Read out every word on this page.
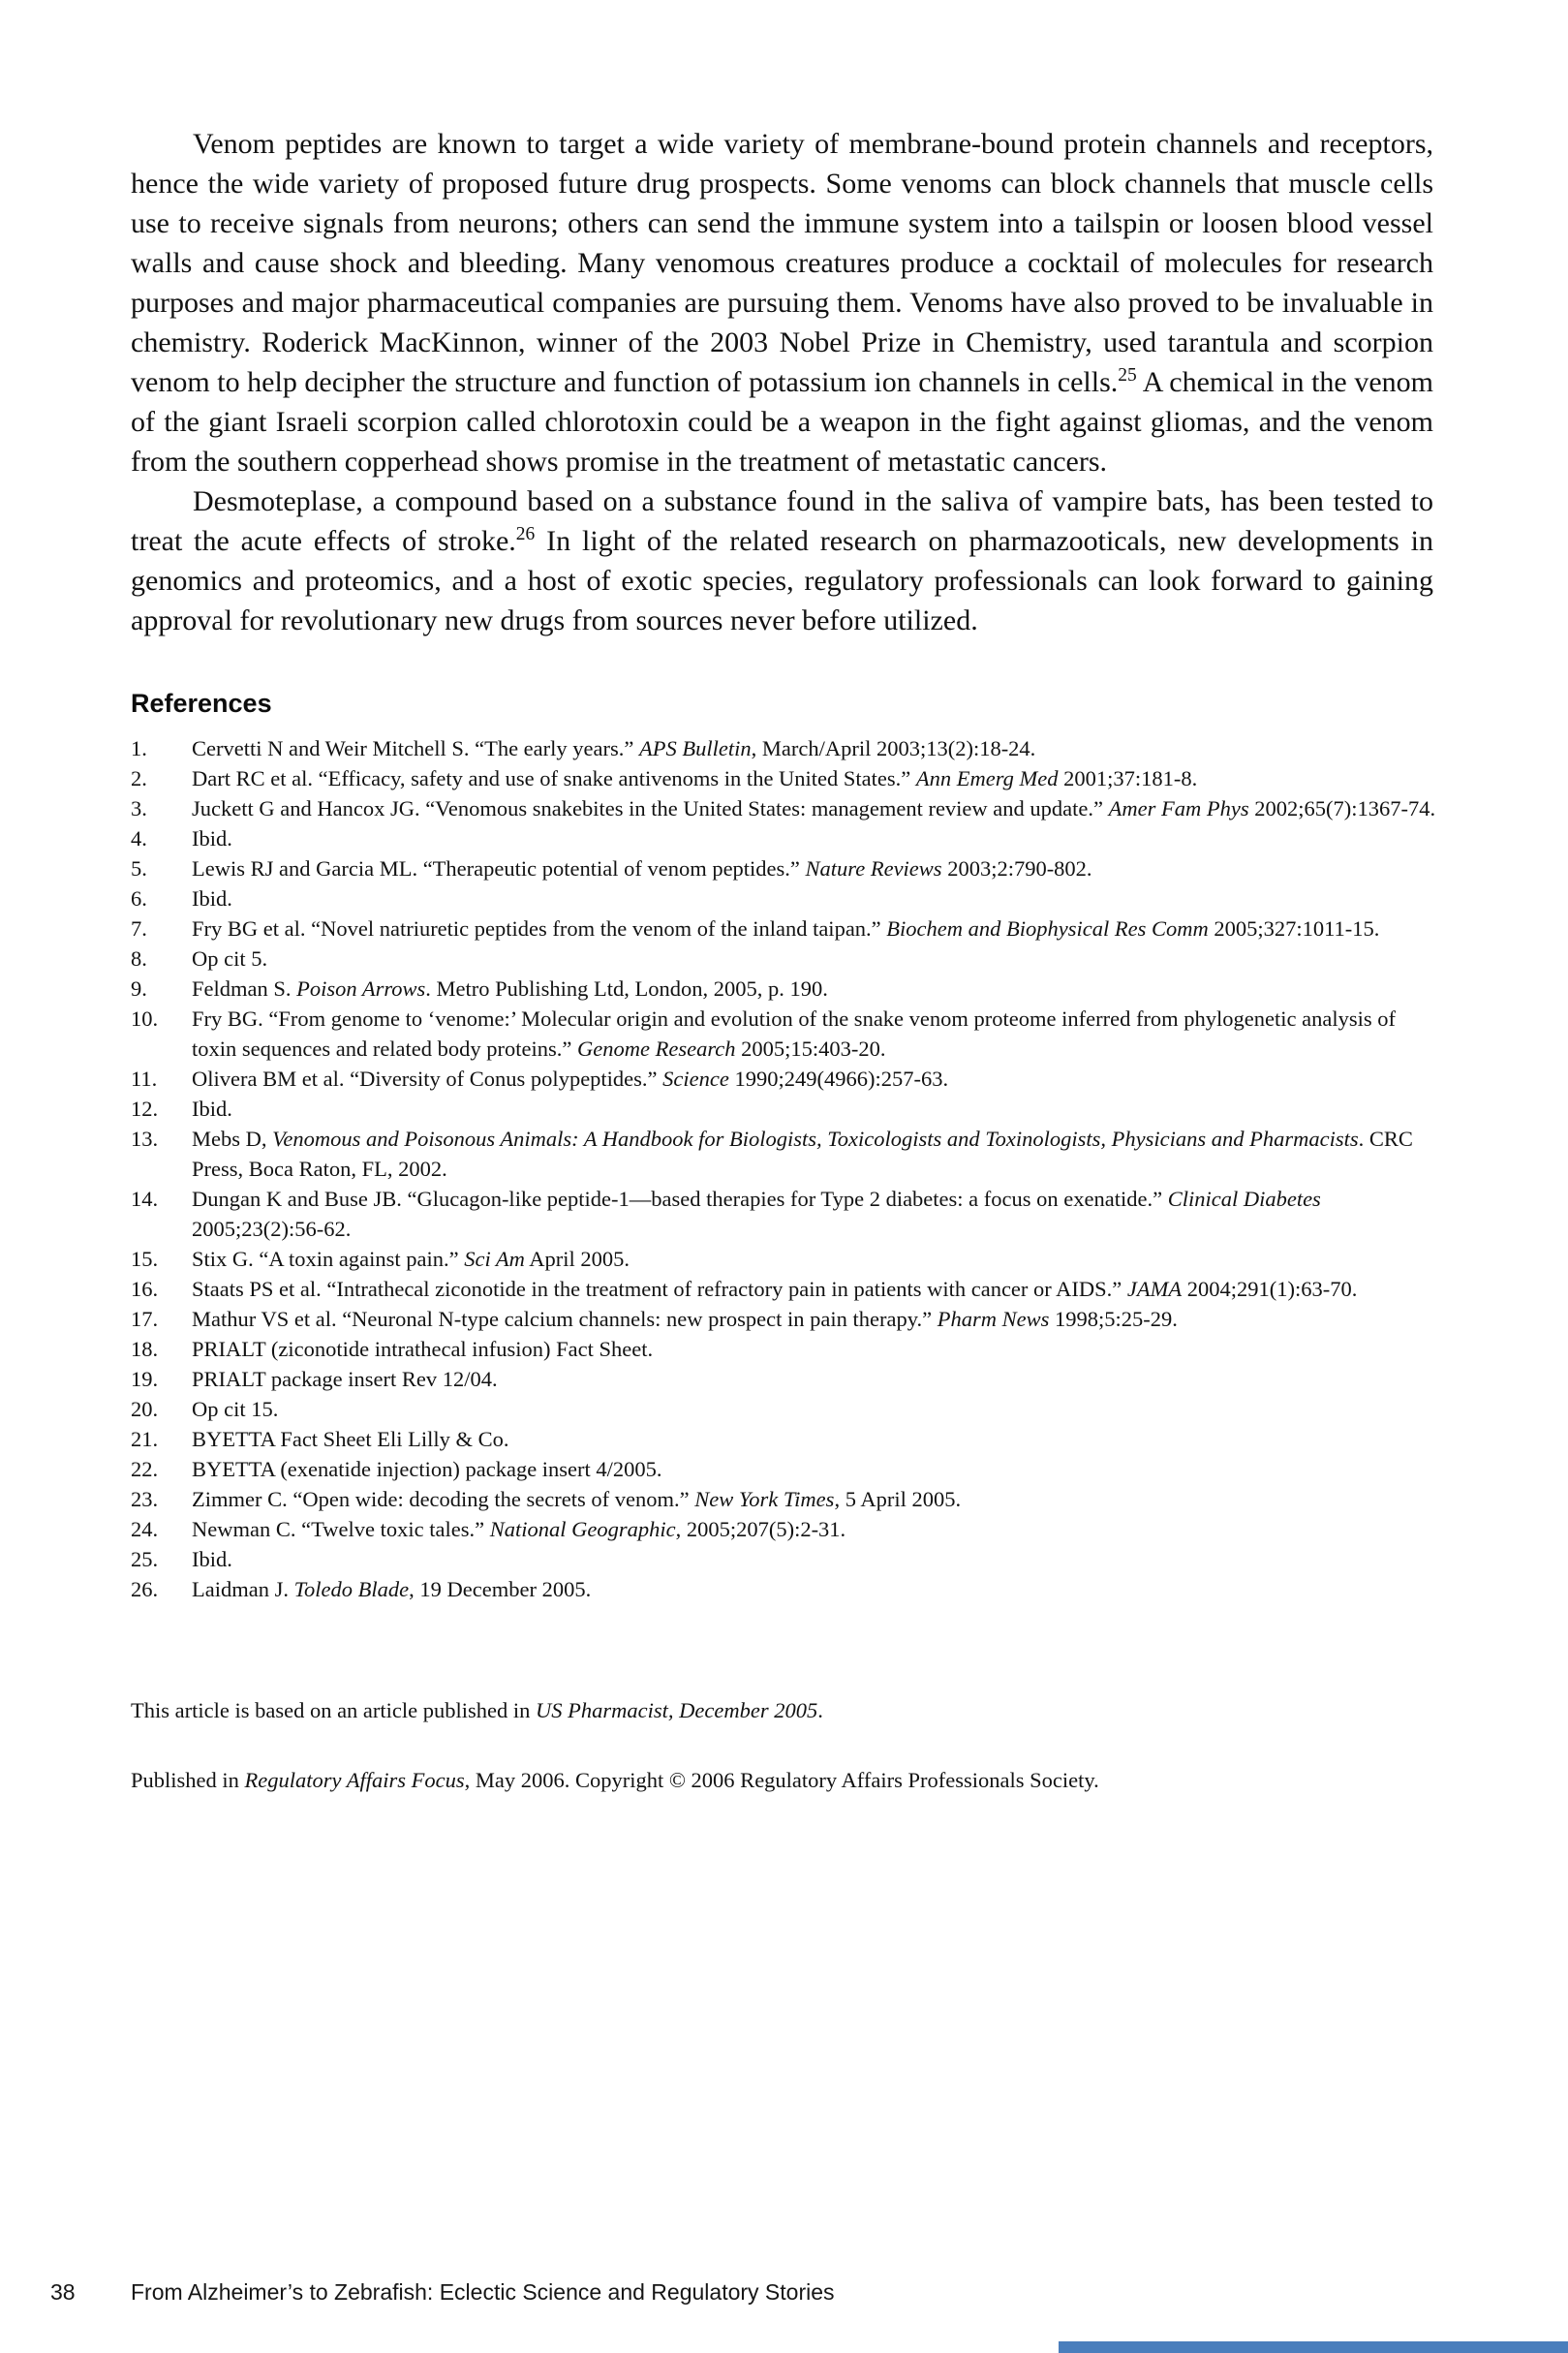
Venom peptides are known to target a wide variety of membrane-bound protein channels and receptors, hence the wide variety of proposed future drug prospects. Some venoms can block channels that muscle cells use to receive signals from neurons; others can send the immune system into a tailspin or loosen blood vessel walls and cause shock and bleeding. Many venomous creatures produce a cocktail of molecules for research purposes and major pharmaceutical companies are pursuing them. Venoms have also proved to be invaluable in chemistry. Roderick MacKinnon, winner of the 2003 Nobel Prize in Chemistry, used tarantula and scorpion venom to help decipher the structure and function of potassium ion channels in cells.$^{25}$ A chemical in the venom of the giant Israeli scorpion called chlorotoxin could be a weapon in the fight against gliomas, and the venom from the southern copperhead shows promise in the treatment of metastatic cancers.

Desmoteplase, a compound based on a substance found in the saliva of vampire bats, has been tested to treat the acute effects of stroke.$^{26}$ In light of the related research on pharmazooticals, new developments in genomics and proteomics, and a host of exotic species, regulatory professionals can look forward to gaining approval for revolutionary new drugs from sources never before utilized.

References
1. Cervetti N and Weir Mitchell S. “The early years.” APS Bulletin, March/April 2003;13(2):18-24.
2. Dart RC et al. “Efficacy, safety and use of snake antivenoms in the United States.” Ann Emerg Med 2001;37:181-8.
3. Juckett G and Hancox JG. “Venomous snakebites in the United States: management review and update.” Amer Fam Phys 2002;65(7):1367-74.
4. Ibid.
5. Lewis RJ and Garcia ML. “Therapeutic potential of venom peptides.” Nature Reviews 2003;2:790-802.
6. Ibid.
7. Fry BG et al. “Novel natriuretic peptides from the venom of the inland taipan.” Biochem and Biophysical Res Comm 2005;327:1011-15.
8. Op cit 5.
9. Feldman S. Poison Arrows. Metro Publishing Ltd, London, 2005, p. 190.
10. Fry BG. “From genome to ‘venome:’ Molecular origin and evolution of the snake venom proteome inferred from phylogenetic analysis of toxin sequences and related body proteins.” Genome Research 2005;15:403-20.
11. Olivera BM et al. “Diversity of Conus polypeptides.” Science 1990;249(4966):257-63.
12. Ibid.
13. Mebs D, Venomous and Poisonous Animals: A Handbook for Biologists, Toxicologists and Toxinologists, Physicians and Pharmacists. CRC Press, Boca Raton, FL, 2002.
14. Dungan K and Buse JB. “Glucagon-like peptide-1—based therapies for Type 2 diabetes: a focus on exenatide.” Clinical Diabetes 2005;23(2):56-62.
15. Stix G. “A toxin against pain.” Sci Am April 2005.
16. Staats PS et al. “Intrathecal ziconotide in the treatment of refractory pain in patients with cancer or AIDS.” JAMA 2004;291(1):63-70.
17. Mathur VS et al. “Neuronal N-type calcium channels: new prospect in pain therapy.” Pharm News 1998;5:25-29.
18. PRIALT (ziconotide intrathecal infusion) Fact Sheet.
19. PRIALT package insert Rev 12/04.
20. Op cit 15.
21. BYETTA Fact Sheet Eli Lilly & Co.
22. BYETTA (exenatide injection) package insert 4/2005.
23. Zimmer C. “Open wide: decoding the secrets of venom.” New York Times, 5 April 2005.
24. Newman C. “Twelve toxic tales.” National Geographic, 2005;207(5):2-31.
25. Ibid.
26. Laidman J. Toledo Blade, 19 December 2005.

This article is based on an article published in US Pharmacist, December 2005.

Published in Regulatory Affairs Focus, May 2006. Copyright © 2006 Regulatory Affairs Professionals Society.

38 From Alzheimer’s to Zebrafish: Eclectic Science and Regulatory Stories
